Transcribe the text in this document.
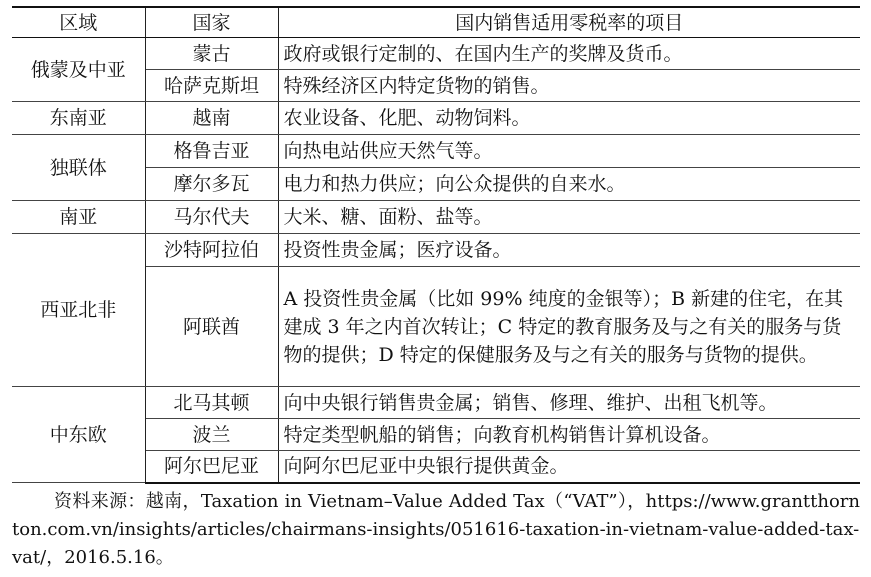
区域	国家	国内销售适用零税率的项目
俄蒙及中亚	蒙古	政府或银行定制的、在国内生产的奖牌及货币。
	哈萨克斯坦	特殊经济区内特定货物的销售。
东南亚	越南	农业设备、化肥、动物饲料。
独联体	格鲁吉亚	向热电站供应天然气等。
	摩尔多瓦	电力和热力供应；向公众提供的自来水。
南亚	马尔代夫	大米、糖、面粉、盐等。
西亚北非	沙特阿拉伯	投资性贵金属；医疗设备。
	阿联酋	A 投资性贵金属（比如 99% 纯度的金银等）；B 新建的住宅，在其建成 3 年之内首次转让；C 特定的教育服务及与之有关的服务与货物的提供；D 特定的保健服务及与之有关的服务与货物的提供。
中东欧	北马其顿	向中央银行销售贵金属；销售、修理、维护、出租飞机等。
	波兰	特定类型帆船的销售；向教育机构销售计算机设备。
	阿尔巴尼亚	向阿尔巴尼亚中央银行提供黄金。

资料来源：越南，Taxation in Vietnam–Value Added Tax（“VAT”），https://www.grantthornton.com.vn/insights/articles/chairmans-insights/051616-taxation-in-vietnam-value-added-tax-vat/，2016.5.16。
